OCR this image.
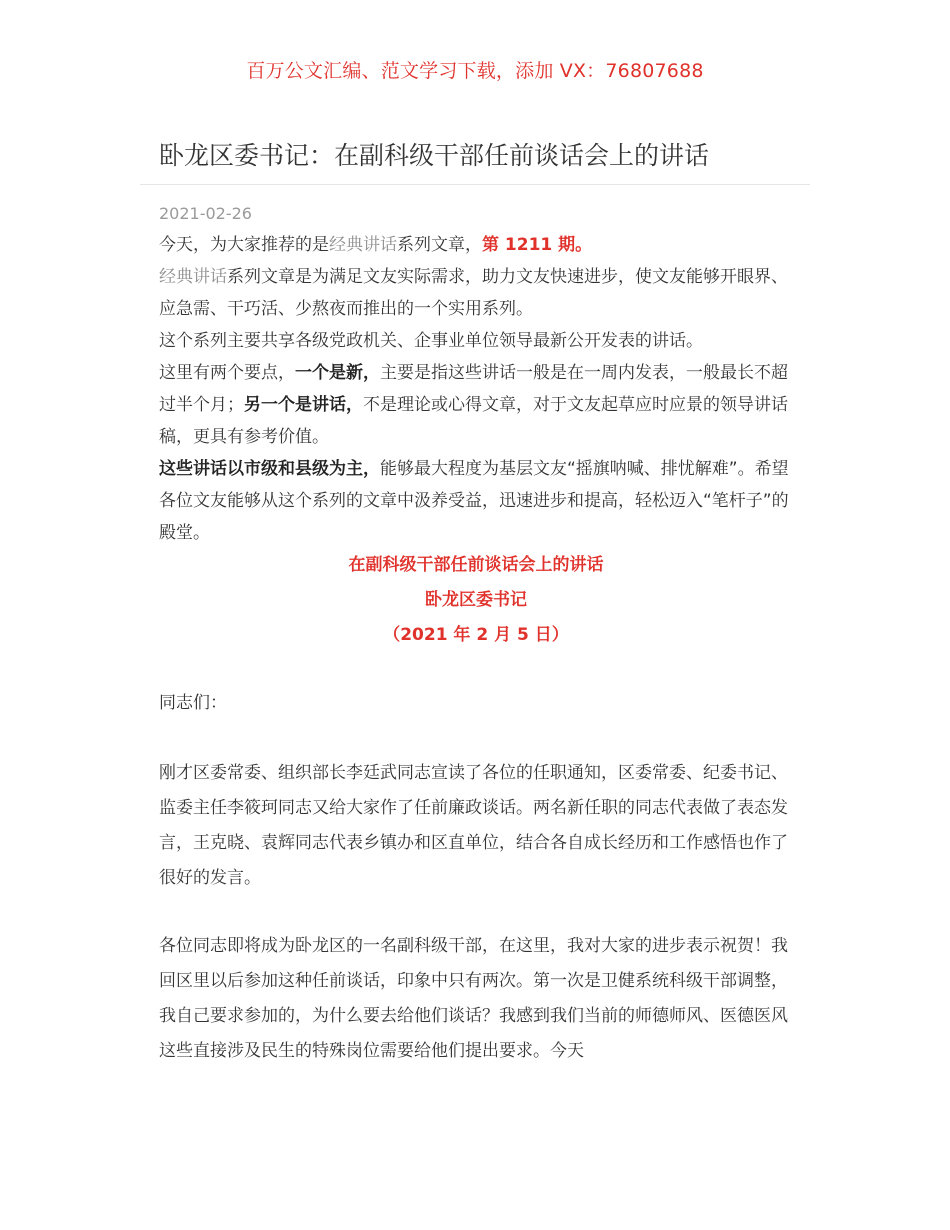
百万公文汇编、范文学习下载，添加 VX：76807688
卧龙区委书记：在副科级干部任前谈话会上的讲话
2021-02-26

今天，为大家推荐的是经典讲话系列文章，第 1211 期。

经典讲话系列文章是为满足文友实际需求，助力文友快速进步，使文友能够开眼界、应急需、干巧活、少熬夜而推出的一个实用系列。

这个系列主要共享各级党政机关、企事业单位领导最新公开发表的讲话。

这里有两个要点，一个是新，主要是指这些讲话一般是在一周内发表，一般最长不超过半个月；另一个是讲话，不是理论或心得文章，对于文友起草应时应景的领导讲话稿，更具有参考价值。

这些讲话以市级和县级为主，能够最大程度为基层文友“摇旗呐喊、排忧解难”。希望各位文友能够从这个系列的文章中汲养受益，迅速进步和提高，轻松迈入“笔杆子”的殿堂。

在副科级干部任前谈话会上的讲话
卧龙区委书记
（2021 年 2 月 5 日）
同志们：

刚才区委常委、组织部长李廷武同志宣读了各位的任职通知，区委常委、纪委书记、监委主任李筱珂同志又给大家作了任前廉政谈话。两名新任职的同志代表做了表态发言，王克晓、袁辉同志代表乡镇办和区直单位，结合各自成长经历和工作感悟也作了很好的发言。

各位同志即将成为卧龙区的一名副科级干部，在这里，我对大家的进步表示祝贺！我回区里以后参加这种任前谈话，印象中只有两次。第一次是卫健系统科级干部调整，我自己要求参加的，为什么要去给他们谈话？我感到我们当前的师德师风、医德医风这些直接涉及民生的特殊岗位需要给他们提出要求。今天
